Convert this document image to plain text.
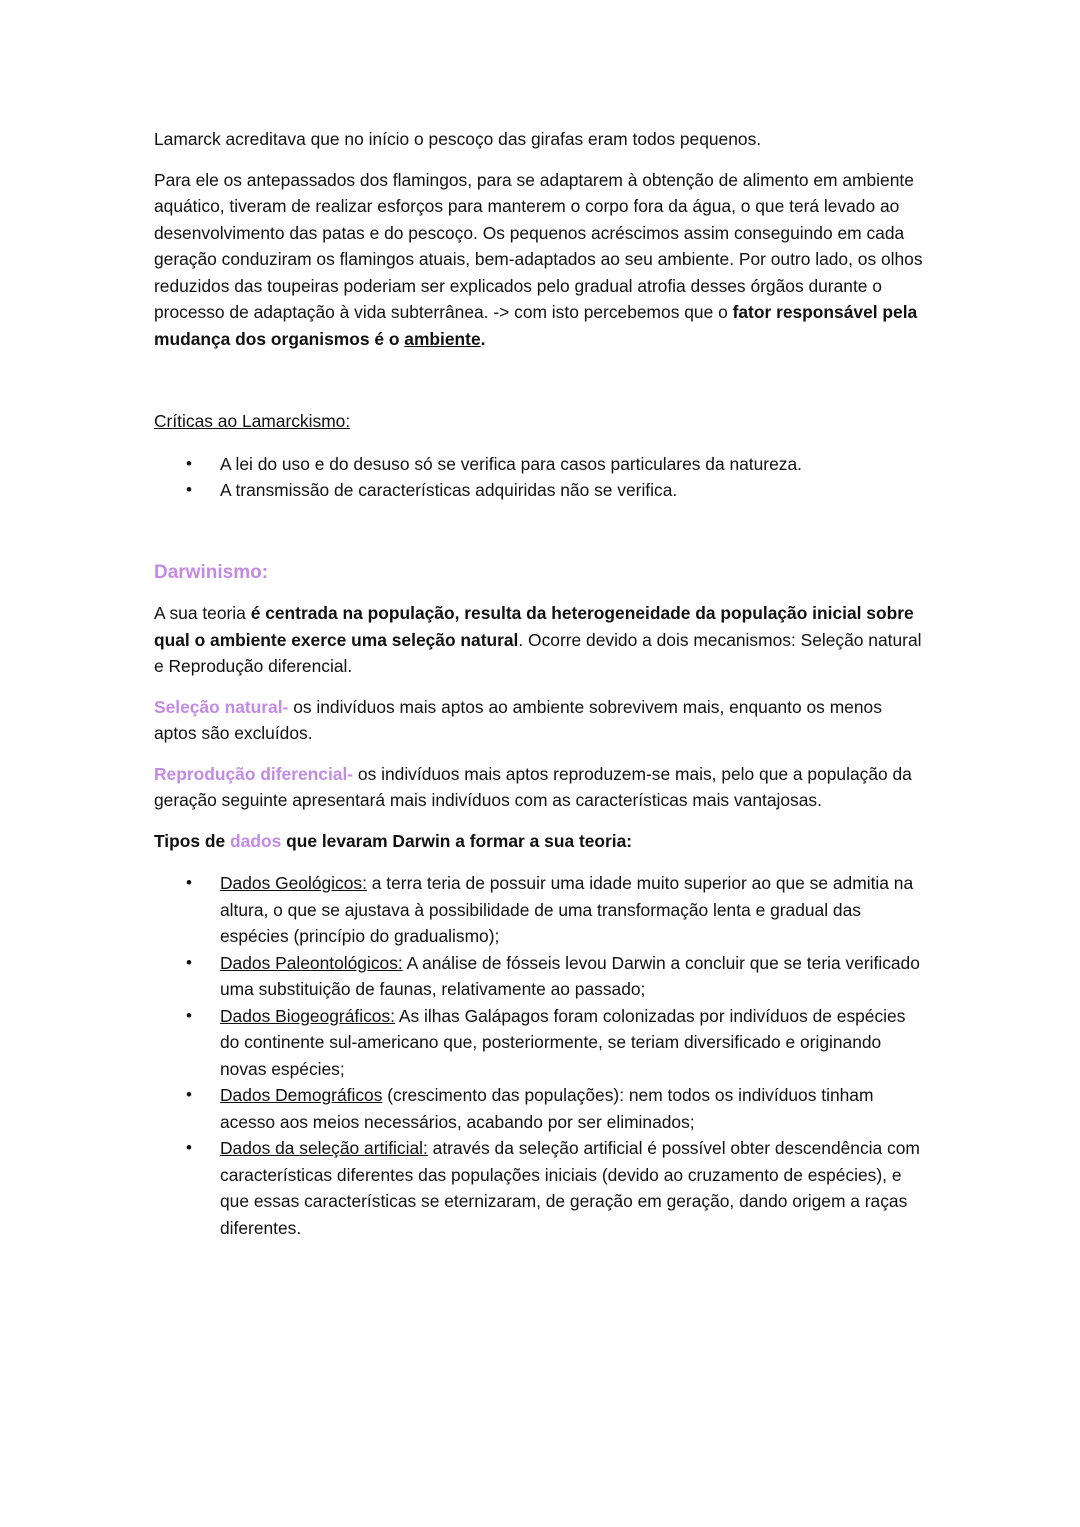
Lamarck acreditava que no início o pescoço das girafas eram todos pequenos.

Para ele os antepassados dos flamingos, para se adaptarem à obtenção de alimento em ambiente aquático, tiveram de realizar esforços para manterem o corpo fora da água, o que terá levado ao desenvolvimento das patas e do pescoço. Os pequenos acréscimos assim conseguindo em cada geração conduziram os flamingos atuais, bem-adaptados ao seu ambiente. Por outro lado, os olhos reduzidos das toupeiras poderiam ser explicados pelo gradual atrofia desses órgãos durante o processo de adaptação à vida subterrânea. -> com isto percebemos que o fator responsável pela mudança dos organismos é o ambiente.

Críticas ao Lamarckismo:

• A lei do uso e do desuso só se verifica para casos particulares da natureza.
• A transmissão de características adquiridas não se verifica.

Darwinismo:

A sua teoria é centrada na população, resulta da heterogeneidade da população inicial sobre qual o ambiente exerce uma seleção natural. Ocorre devido a dois mecanismos: Seleção natural e Reprodução diferencial.

Seleção natural- os indivíduos mais aptos ao ambiente sobrevivem mais, enquanto os menos aptos são excluídos.

Reprodução diferencial- os indivíduos mais aptos reproduzem-se mais, pelo que a população da geração seguinte apresentará mais indivíduos com as características mais vantajosas.

Tipos de dados que levaram Darwin a formar a sua teoria:

• Dados Geológicos: a terra teria de possuir uma idade muito superior ao que se admitia na altura, o que se ajustava à possibilidade de uma transformação lenta e gradual das espécies (princípio do gradualismo);
• Dados Paleontológicos: A análise de fósseis levou Darwin a concluir que se teria verificado uma substituição de faunas, relativamente ao passado;
• Dados Biogeográficos: As ilhas Galápagos foram colonizadas por indivíduos de espécies do continente sul-americano que, posteriormente, se teriam diversificado e originando novas espécies;
• Dados Demográficos (crescimento das populações): nem todos os indivíduos tinham acesso aos meios necessários, acabando por ser eliminados;
• Dados da seleção artificial: através da seleção artificial é possível obter descendência com características diferentes das populações iniciais (devido ao cruzamento de espécies), e que essas características se eternizaram, de geração em geração, dando origem a raças diferentes.
